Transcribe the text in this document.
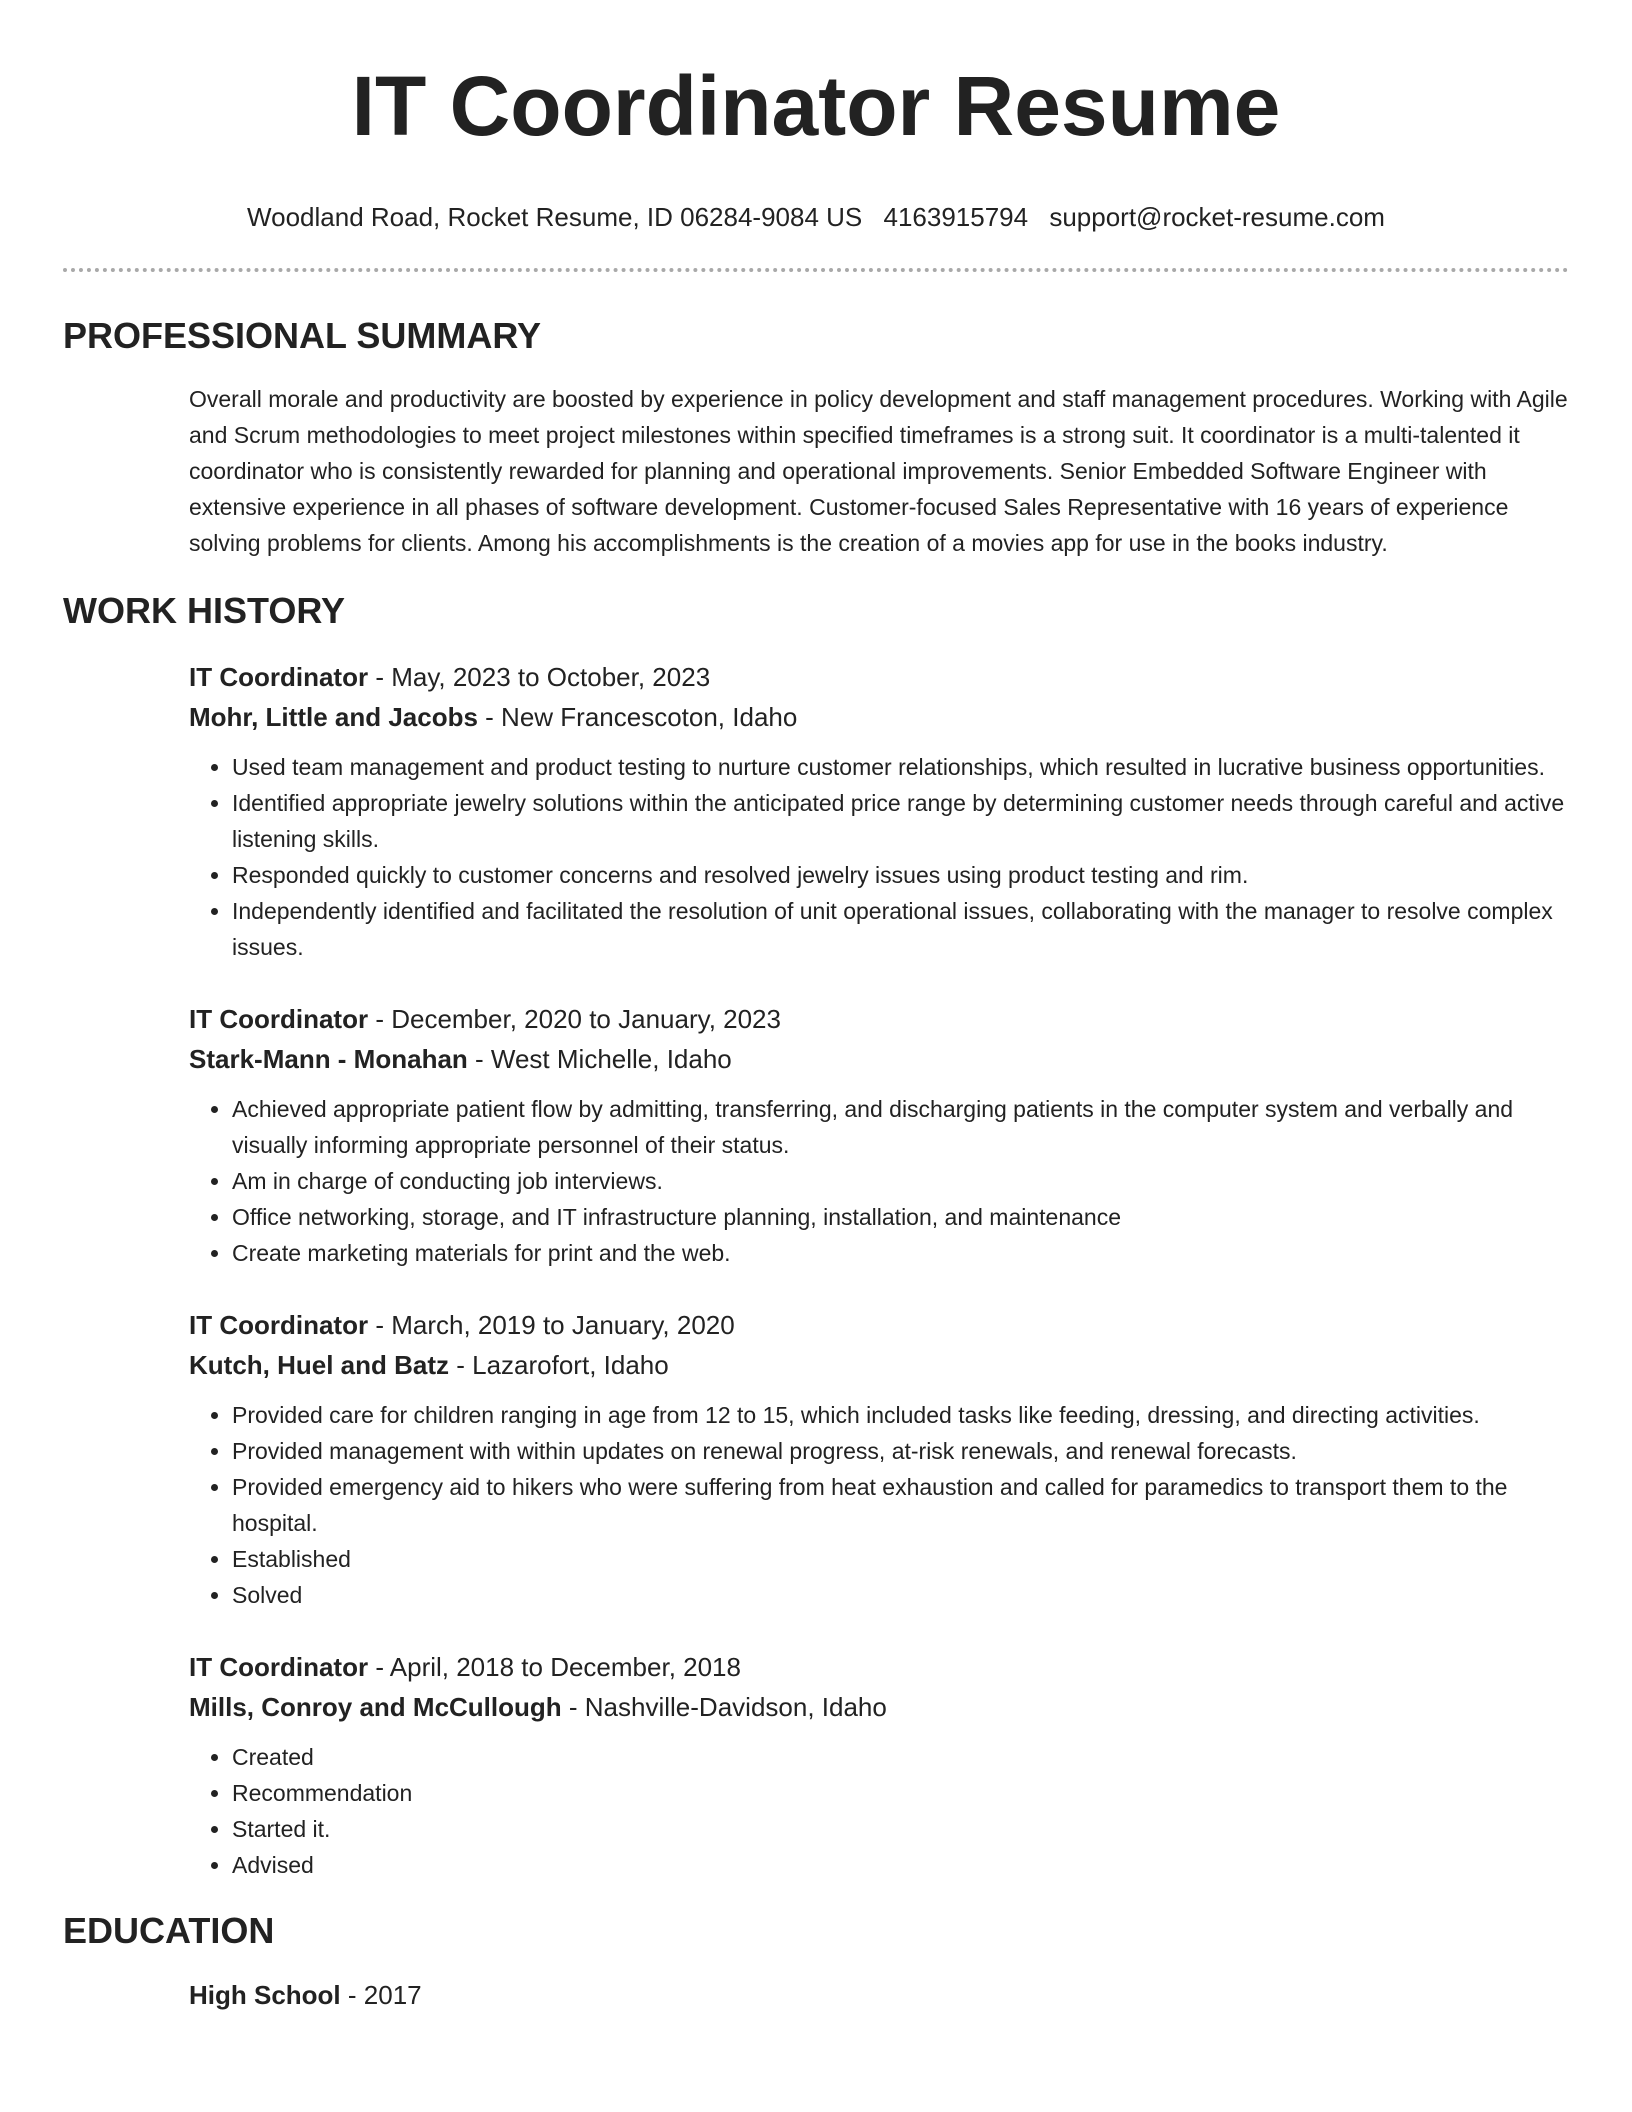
IT Coordinator Resume
Woodland Road, Rocket Resume, ID 06284-9084 US 4163915794 support@rocket-resume.com
PROFESSIONAL SUMMARY

Overall morale and productivity are boosted by experience in policy development and staff management procedures. Working with Agile and Scrum methodologies to meet project milestones within specified timeframes is a strong suit. It coordinator is a multi-talented it coordinator who is consistently rewarded for planning and operational improvements. Senior Embedded Software Engineer with extensive experience in all phases of software development. Customer-focused Sales Representative with 16 years of experience solving problems for clients. Among his accomplishments is the creation of a movies app for use in the books industry.

WORK HISTORY
IT Coordinator - May, 2023 to October, 2023
Mohr, Little and Jacobs - New Francescoton, Idaho
• Used team management and product testing to nurture customer relationships, which resulted in lucrative business opportunities.
• Identified appropriate jewelry solutions within the anticipated price range by determining customer needs through careful and active listening skills.
• Responded quickly to customer concerns and resolved jewelry issues using product testing and rim.
• Independently identified and facilitated the resolution of unit operational issues, collaborating with the manager to resolve complex issues.
IT Coordinator - December, 2020 to January, 2023
Stark-Mann - Monahan - West Michelle, Idaho
• Achieved appropriate patient flow by admitting, transferring, and discharging patients in the computer system and verbally and visually informing appropriate personnel of their status.
• Am in charge of conducting job interviews.
• Office networking, storage, and IT infrastructure planning, installation, and maintenance
• Create marketing materials for print and the web.
IT Coordinator - March, 2019 to January, 2020
Kutch, Huel and Batz - Lazarofort, Idaho
• Provided care for children ranging in age from 12 to 15, which included tasks like feeding, dressing, and directing activities.
• Provided management with within updates on renewal progress, at-risk renewals, and renewal forecasts.
• Provided emergency aid to hikers who were suffering from heat exhaustion and called for paramedics to transport them to the hospital.
• Established
• Solved
IT Coordinator - April, 2018 to December, 2018
Mills, Conroy and McCullough - Nashville-Davidson, Idaho
• Created
• Recommendation
• Started it.
• Advised
EDUCATION
High School - 2017
